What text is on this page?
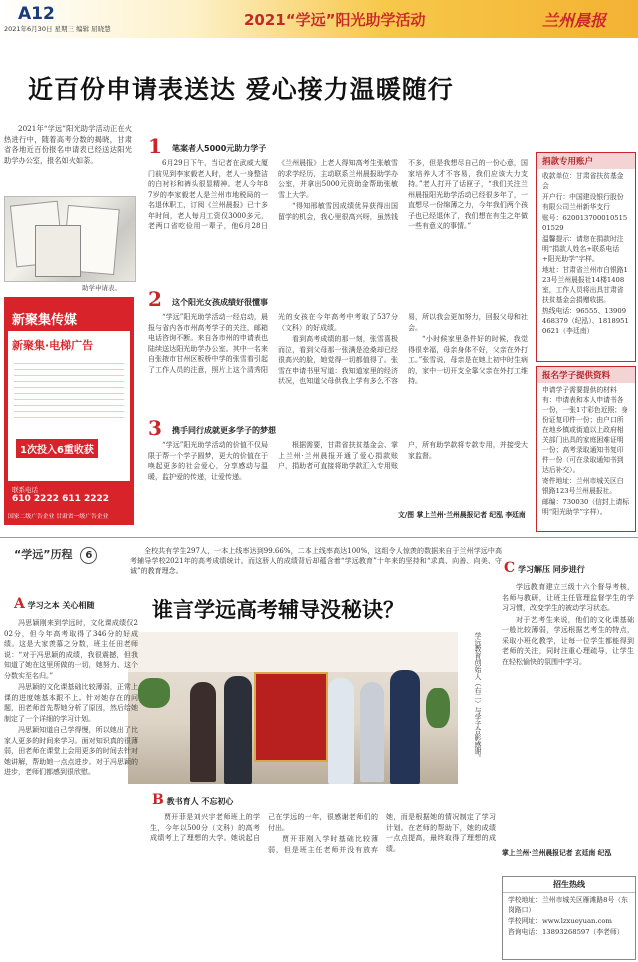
A12
2021年6月30日 星期三 编辑 屈晓慧	2021“学远”阳光助学活动	兰州晨报
近百份申请表送达 爱心接力温暖随行

2021年“学远”阳光助学活动正在火热进行中，随着高考分数的揭晓，甘肃省各地近百份报名申请表已经送达阳光助学办公室，报名如火如荼。

助学申请表。
新聚集传媒
新聚集·电梯广告
1次投入6重收获
联系电话
610 2222 611 2222
国家二级广告企业 甘肃省一级广告企业
1 笔案者人5000元助力学子

6月29日下午，当记者在武威大厦门前见到李家毅老人时，老人一身整洁的白衬衫和裤头很显精神。老人今年87岁的李家毅老人是兰州市地税局的一名退休职工，订阅《兰州晨报》已十多年时间，老人每月工资仅3000多元，老两口省吃俭用一辈子，他6月28日《兰州晨报》上老人得知高考生张敏雪的求学经历，主动联系兰州晨报助学办公室，并拿出5000元资助金帮助张敏雪上大学。

“得知邢敏雪因成绩优异获得出国留学的机会，我心里很高兴呀，虽然钱不多，但是我想尽自己的一份心意，国家培养人才不容易，我们应该大力支持。”老人打开了话匣子，“我们关注兰州晨报阳光助学活动已经很多年了，一直想尽一份绵薄之力，今年我们两个孩子也已经退休了，我们想在有生之年做一些有意义的事情。”

2 这个阳光女孩成绩好很懂事

“学远”阳光助学活动一经启动，晨报与省内各市州高考学子的关注，邮箱电话咨询不断。来自各市州的申请表也陆续送达阳光助学办公室。其中一名来自张掖市甘州区板桥中学的张雪看引起了工作人员的注意，照片上这个清秀阳光的女孩在今年高考中考取了537分（文科）的好成绩。

看到高考成绩的那一刻，张雪喜极而泣，看到父母那一张满是沧桑却已经很高兴的脸，她觉得一切都值得了。张雪在申请书里写道：我知道家里的经济状况，也知道父母供我上学有多么不容易，所以我会更加努力，回报父母和社会。

“小时候家里条件好的时候，我觉得很幸福，母亲身体不好，父亲在外打工。”张雪说，母亲是在她上初中时生病的，家中一切开支全靠父亲在外打工维持。

3 携手同行成就更多学子的梦想

“学远”阳光助学活动的价值不仅局限于帮一个学子圆梦，更大的价值在于唤起更多的社会爱心，分享感动与温暖，监护爱的传递，让爱传递。

根据需要，甘肃省扶贫基金会、掌上兰州·兰州晨报开通了爱心捐款账户，捐助者可直接将助学款汇入专用账户，所有助学款将专款专用，并接受大家监督。

文/图 掌上兰州·兰州晨报记者 纪泓 李廷南
捐款专用账户
收款单位：甘肃省扶贫基金会
开户行：中国建设银行股份有限公司兰州新华支行
账号：62001370001051501529
温馨提示：请您在捐款时注明“捐款人姓名+联系电话+阳光助学”字样。
地址：甘肃省兰州市白银路123号兰州晨报社14楼1408室，工作人员将出具甘肃省扶贫基金会捐赠收据。
热线电话：96555、13909468379（纪泓）、18189510621（李廷南）
报名学子提供资料
申请学子需要提供的材料有：申请表和本人申请书各一份，一张1寸彩色近照；身份证复印件一份；由户口所在地乡镇或街道以上政府相关部门出具的家庭困难证明一份；高考录取通知书复印件一份（可在录取通知书到达后补交）。
寄件地址：兰州市城关区白银路123号兰州晨报社。
邮编：730030（信封上请标明“阳光助学”字样）。
“学远”历程 6	全校共有学生297人，一本上线率达到99.66%，二本上线率高达100%，这组令人惊羡的数据来自于兰州学远中高考辅导学校2021年的高考成绩统计。而这骄人的成绩背后却蕴含着“学远教育”十年来的坚持和“求真、向善、向美、守诚”的教育理念。

谁言学远高考辅导没秘诀？
学远教育创始人（右二）与学子合影感谢。
A 学习之本 关心相随

冯思颖刚来到学远时，文化课成绩仅202分，但今年高考取得了346分的好成绩。这是大家羡慕之分数，班主任田老师说：“对于冯思颖的成绩，我很震撼，但我知道了她在这里所做的一切，她努力、这个分数实至名归。”

冯思颖的文化课基础比较薄弱，正常上课的进度她基本跟不上。针对她存在的问题，田老师首先帮她分析了原因，然后给她制定了一个详细的学习计划。

冯思颖知道自己学得慢，所以她出了比家人更多的时间来学习。面对知识真的很薄弱，田老师在课堂上会用更多的时间去针对她讲解，帮助她一点点进步。对于冯思颖的进步，老师们都感到很欣慰。

B 教书育人 不忘初心

贾开菲是刘兴宇老师班上的学生，今年以500分（文科）的高考成绩考上了理想的大学。她说起自己在学远的一年，很感谢老师们的付出。

贾开菲刚入学时基础比较薄弱，但是班主任老师并没有放弃她，而是根据她的情况制定了学习计划。在老师的帮助下，她的成绩一点点提高，最终取得了理想的成绩。

C 学习解压 同步进行

学远教育建立三级十六个督导考核，名师与教研，让班主任管理监督学生的学习习惯，改变学生的被动学习状态。

对于艺考生来说，他们的文化课基础一般比较薄弱，学远根据艺考生的特点，采取小班化教学，让每一位学生都能得到老师的关注，同时注重心理疏导，让学生在轻松愉快的氛围中学习。

掌上兰州·兰州晨报记者 玄廷南 纪泓
招生热线
学校地址：兰州市城关区雁滩路8号（东岗路口）
学校网址：www.lzxueyuan.com
咨询电话：13893268597（李老师）
